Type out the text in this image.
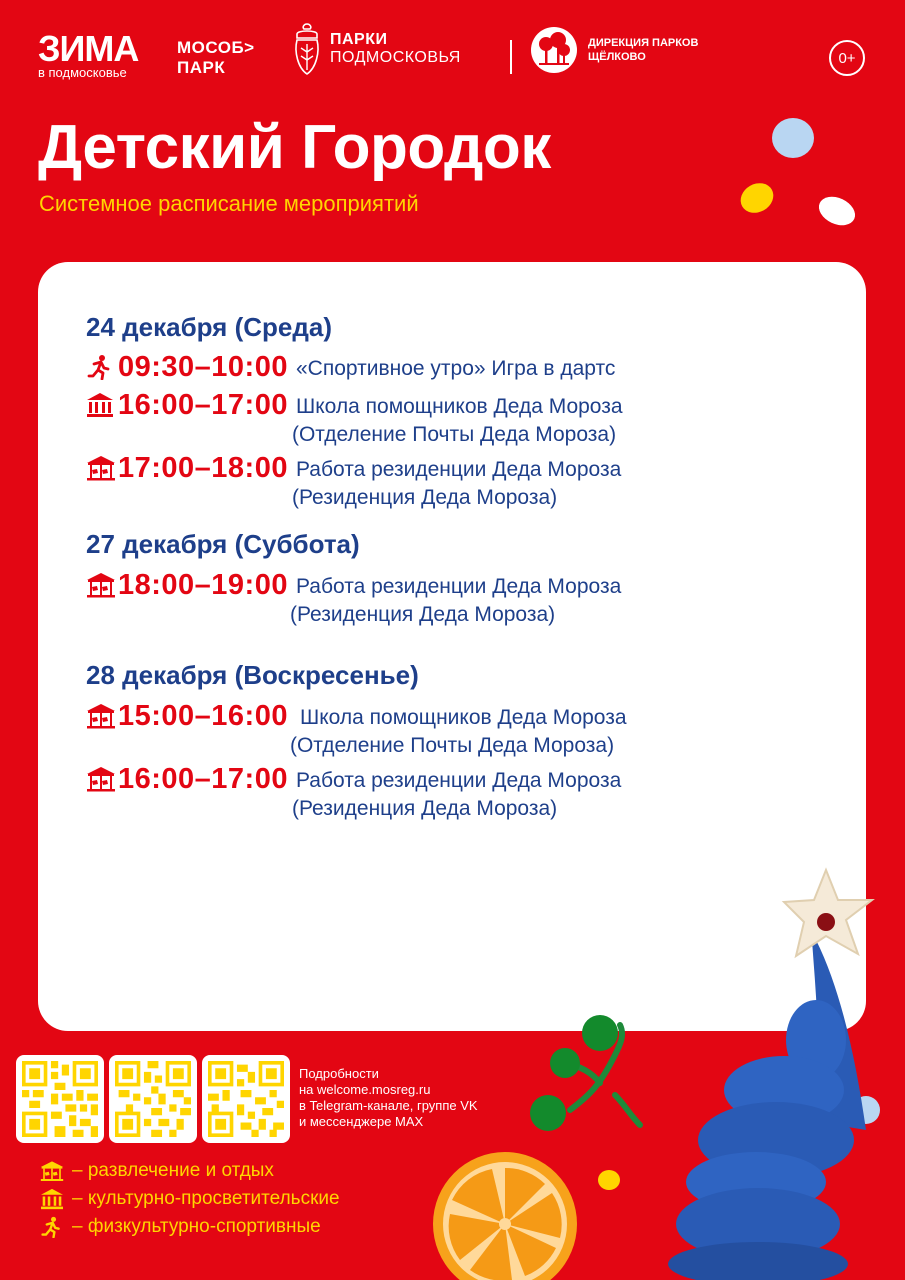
ЗИМА
в подмосковье
МОСОБ>
ПАРК
ПАРКИ
ПОДМОСКОВЬЯ
ДИРЕКЦИЯ ПАРКОВ
ЩЁЛКОВО	0+
Детский Городок
Системное расписание мероприятий
24 декабря (Среда)
09:30–10:00 «Спортивное утро» Игра в дартс
16:00–17:00 Школа помощников Деда Мороза
(Отделение Почты Деда Мороза)
17:00–18:00 Работа резиденции Деда Мороза
(Резиденция Деда Мороза)
27 декабря (Суббота)
18:00–19:00 Работа резиденции Деда Мороза
(Резиденция Деда Мороза)
28 декабря (Воскресенье)
15:00–16:00 Школа помощников Деда Мороза
(Отделение Почты Деда Мороза)
16:00–17:00 Работа резиденции Деда Мороза
(Резиденция Деда Мороза)
Подробности
на welcome.mosreg.ru
в Telegram-канале, группе VK
и мессенджере MAX
– развлечение и отдых
– культурно-просветительские
– физкультурно-спортивные
